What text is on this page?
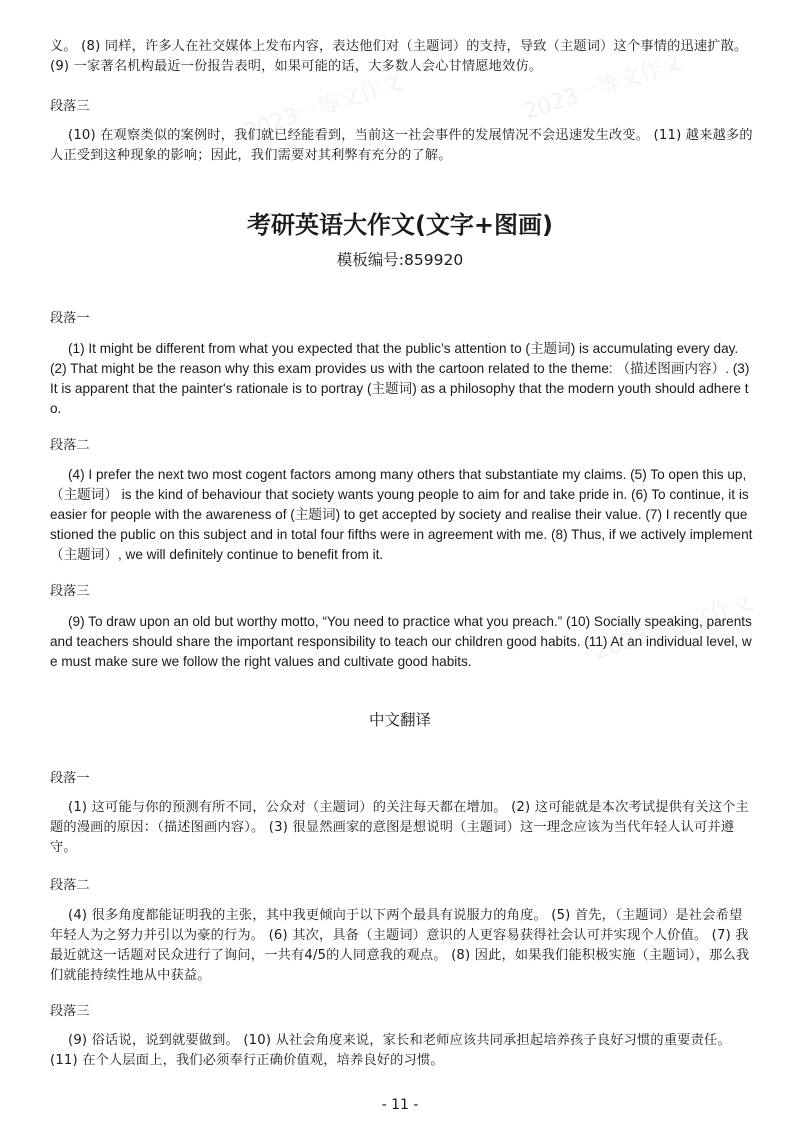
2023一等文作文
2023一等文作文
2023一等文作文

义。 (8) 同样，许多人在社交媒体上发布内容，表达他们对（主题词）的支持，导致（主题词）这个事情的迅速扩散。 (9) 一家著名机构最近一份报告表明，如果可能的话，大多数人会心甘情愿地效仿。

段落三

(10) 在观察类似的案例时，我们就已经能看到，当前这一社会事件的发展情况不会迅速发生改变。 (11) 越来越多的人正受到这种现象的影响；因此，我们需要对其利弊有充分的了解。

考研英语大作文(文字+图画)

模板编号:859920

段落一

(1) It might be different from what you expected that the public’s attention to (主题词) is accumulating every day. (2) That might be the reason why this exam provides us with the cartoon related to the theme: （描述图画内容）. (3) It is apparent that the painter's rationale is to portray (主题词) as a philosophy that the modern youth should adhere to.

段落二

(4) I prefer the next two most cogent factors among many others that substantiate my claims. (5) To open this up, （主题词） is the kind of behaviour that society wants young people to aim for and take pride in. (6) To continue, it is easier for people with the awareness of (主题词) to get accepted by society and realise their value. (7) I recently questioned the public on this subject and in total four fifths were in agreement with me. (8) Thus, if we actively implement （主题词）, we will definitely continue to benefit from it.

段落三

(9) To draw upon an old but worthy motto, “You need to practice what you preach.” (10) Socially speaking, parents and teachers should share the important responsibility to teach our children good habits. (11) At an individual level, we must make sure we follow the right values and cultivate good habits.

中文翻译

段落一

(1) 这可能与你的预测有所不同，公众对（主题词）的关注每天都在增加。 (2) 这可能就是本次考试提供有关这个主题的漫画的原因：（描述图画内容）。 (3) 很显然画家的意图是想说明（主题词）这一理念应该为当代年轻人认可并遵守。

段落二

(4) 很多角度都能证明我的主张，其中我更倾向于以下两个最具有说服力的角度。 (5) 首先，（主题词）是社会希望年轻人为之努力并引以为豪的行为。 (6) 其次，具备（主题词）意识的人更容易获得社会认可并实现个人价值。 (7) 我最近就这一话题对民众进行了询问，一共有4/5的人同意我的观点。 (8) 因此，如果我们能积极实施（主题词），那么我们就能持续性地从中获益。

段落三

(9) 俗话说，说到就要做到。 (10) 从社会角度来说，家长和老师应该共同承担起培养孩子良好习惯的重要责任。

(11) 在个人层面上，我们必须奉行正确价值观，培养良好的习惯。

- 11 -
